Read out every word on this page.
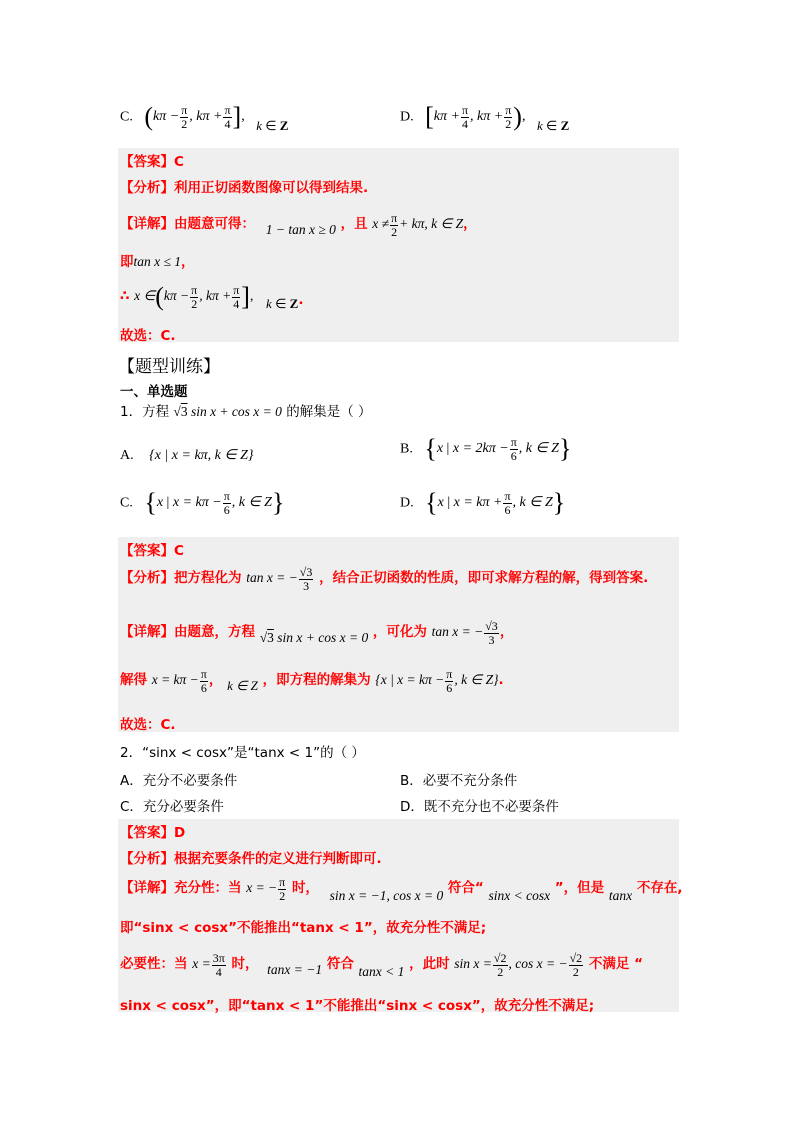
C. ($k\pi - \frac{\pi}{2}$ , $k\pi + \frac{\pi}{4}$ ], k ∈ Z
D. [$k\pi + \frac{\pi}{4}$ , $k\pi + \frac{\pi}{2}$ ), k ∈ Z
【答案】C
【分析】利用正切函数图像可以得到结果.
【详解】由题意可得： 1 − tan x ≥ 0 ，且 $x \ne \frac{\pi}{2} + k\pi$, k ∈ Z，
即tan x ≤ 1，
∴ x ∈(kπ − $\frac{\pi}{2}$ , $k\pi + \frac{\pi}{4}$ ], k ∈ Z.
故选：C.
【题型训练】
一、单选题
1．方程 √3 sin x + cos x = 0 的解集是（ ）
A. {x | x = kπ, k ∈ Z}	B. {x | $x = 2k\pi - \frac{\pi}{6}$ , k ∈ Z}
C. {x | $x = k\pi - \frac{\pi}{6}$ , k ∈ Z}	D. {x | $x = k\pi + \frac{\pi}{6}$ , k ∈ Z}
【答案】C
【分析】把方程化为 tan x = − $\frac{√3}{3}$ ，结合正切函数的性质，即可求解方程的解，得到答案.
【详解】由题意，方程 √3 sin x + cos x = 0 ，可化为 tan x = − $\frac{√3}{3}$ ，
解得 $x = k\pi - \frac{\pi}{6}$ ， k ∈ Z ，即方程的解集为 {x | $x = k\pi - \frac{\pi}{6}$ , k ∈ Z}.
故选：C.
2．“sinx < cosx”是“tanx < 1”的（ ）
A．充分不必要条件	B．必要不充分条件
C．充分必要条件	D．既不充分也不必要条件
【答案】D
【分析】根据充要条件的定义进行判断即可.
【详解】充分性：当 x = − $\frac{\pi}{2}$ 时， sin x = −1, cos x = 0 符合“ sinx < cosx ”，但是 tanx 不存在,
即“sinx < cosx”不能推出“tanx < 1”，故充分性不满足;
必要性：当 $x = \frac{3\pi}{4}$ 时， tanx = −1 符合 tanx < 1 ，此时 $\sin x = \frac{√2}{2}$ , cos x = − $\frac{√2}{2}$ 不满足 “
sinx < cosx”，即“tanx < 1”不能推出“sinx < cosx”，故充分性不满足;
